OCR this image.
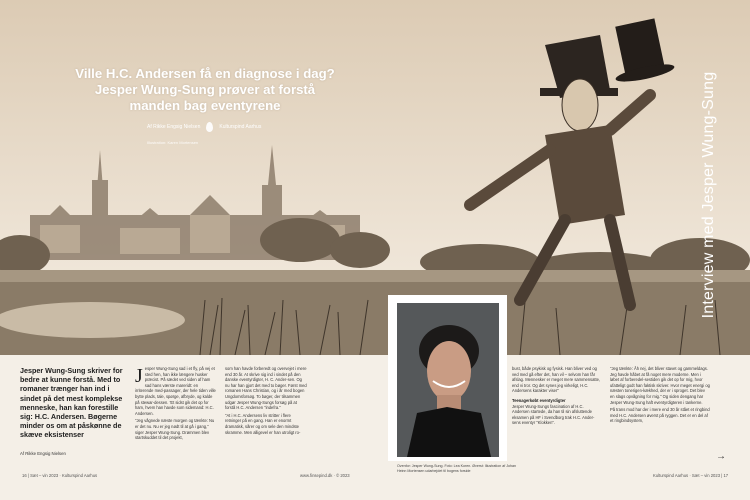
Ville H.C. Andersen få en diagnose i dag?
Jesper Wung-Sung prøver at forstå
manden bag eventyrene
Af Rikke Engsig Nielsen	Kulturspind Aarhus
Illustration: Karen Mortensen	Interview med Jesper Wung-Sung
Jesper Wung-Sung skriver for bedre at kunne forstå. Med to romaner trænger han ind i sindet på det mest komplekse menneske, han kan forestille sig: H.C. Andersen. Bøgerne minder os om at påskønne de skæve eksistenser
Af Rikke Engsig Nielsen
J esper Wung-Sung sad i et fly, på vej et sted hen, han ikke længere husker præcist. På sædet ved siden af ham sad hans værste mareridt: en irriterende med-passager, der hele tiden ville bytte plads, tale, spørge, afbryde, og kalde på stewar-dessen. 'Et sidst gik det op for ham, hvem han havde som sidemand: H.C. Andersen.

"Jeg vågnede næste morgen og tænkte: Nu er det nu. Nu er jeg nødt til at gå i gang," siger Jesper Wung-Sung. Drømmen blev startskuddet til det projekt,

som han havde forberedt og overvejet i mere end 30 år. At skrive sig ind i sindet på den danske eventyrdigter, H. C. Ander-sen. Og nu har han gjort det med to bøger. Først med romanen Hans Christian, og i år med bogen Ungdomsforsøg. To bøger, der tilsammen udgør Jesper Wung-Sungs forsøg på at forstå H.C. Andersen "indefra."

"At i H.C. Andersens liv stritter i flere retninger på en gang. Han er enormt dramatisk, sårer og om sele den mindste skramme. Men alligevel er han utroligt ro-

bust, både psykisk og fysisk. Han bliver ved og ved med gå efter det, han vil – selvom han får afslag. Mennesker er meget mere sammensatte, end vi tror. Og det synes jeg virkeligt, H.C. Andersens karakter viser"

Teenagerkøbt eventyrdigter

Jesper Wung-Sungs fascination af H.C. Andersen startede, da han til sin afsluttende eksamen på HF i Svendborg trak H.C. Ander-sens eventyr "Klokken".

"Jeg tænkte: Åh nej, det bliver stavet og gammeldags. Jeg havde håbet at få noget mere moderne. Men i løbet af forberedel-sestiden gik det op for mig, hvor ufatteligt godt han faktisk skriver. Hvor meget energi og næsten tonerigen-kækhed, der er i sproget. Det blev en slags opvågning for mig." Og siden dengang har Jesper Wung-Sung haft eventyrdigteren i tankerne.

På trans mod har der i mere end 30 år stået et ringbind med H.C. Andersen øverst på ryggen. Det er en del af et ringbindsystem,

Ovenfor: Jesper Wung-Sung. Foto: Lea Koren. Øverst: Illustration af Johan Heinn Mortensen udarbejdet til bogens forside
→
16 | Sæt – vin 2023 · Kulturspind Aarhus	www.finsepind.dk · © 2023	Kulturspind Aarhus · Sæt – vin 2023 | 17
